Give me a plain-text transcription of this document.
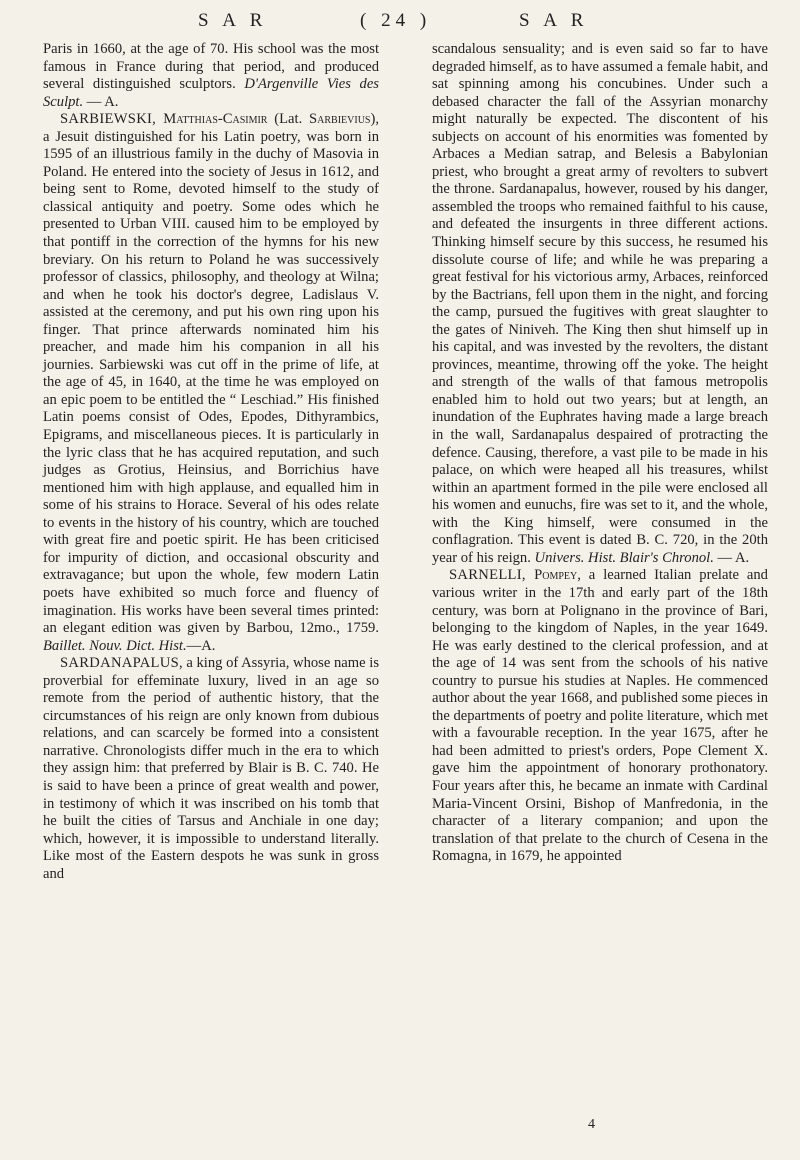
S A R	( 24 )	S A R

Paris in 1660, at the age of 70. His school was the most famous in France during that period, and produced several distinguished sculptors. D'Argenville Vies des Sculpt. — A.

SARBIEWSKI, Matthias-Casimir (Lat. Sarbievius), a Jesuit distinguished for his Latin poetry, was born in 1595 of an illustrious family in the duchy of Masovia in Poland. He entered into the society of Jesus in 1612, and being sent to Rome, devoted himself to the study of classical antiquity and poetry. Some odes which he presented to Urban VIII. caused him to be employed by that pontiff in the correction of the hymns for his new breviary. On his return to Poland he was successively professor of classics, philosophy, and theology at Wilna; and when he took his doctor's degree, Ladislaus V. assisted at the ceremony, and put his own ring upon his finger. That prince afterwards nominated him his preacher, and made him his companion in all his journies. Sarbiewski was cut off in the prime of life, at the age of 45, in 1640, at the time he was employed on an epic poem to be entitled the “ Leschiad.” His finished Latin poems consist of Odes, Epodes, Dithyrambics, Epigrams, and miscellaneous pieces. It is particularly in the lyric class that he has acquired reputation, and such judges as Grotius, Heinsius, and Borrichius have mentioned him with high applause, and equalled him in some of his strains to Horace. Several of his odes relate to events in the history of his country, which are touched with great fire and poetic spirit. He has been criticised for impurity of diction, and occasional obscurity and extravagance; but upon the whole, few modern Latin poets have exhibited so much force and fluency of imagination. His works have been several times printed: an elegant edition was given by Barbou, 12mo., 1759. Baillet. Nouv. Dict. Hist.—A.

SARDANAPALUS, a king of Assyria, whose name is proverbial for effeminate luxury, lived in an age so remote from the period of authentic history, that the circumstances of his reign are only known from dubious relations, and can scarcely be formed into a consistent narrative. Chronologists differ much in the era to which they assign him: that preferred by Blair is B. C. 740. He is said to have been a prince of great wealth and power, in testimony of which it was inscribed on his tomb that he built the cities of Tarsus and Anchiale in one day; which, however, it is impossible to understand literally. Like most of the Eastern despots he was sunk in gross and

scandalous sensuality; and is even said so far to have degraded himself, as to have assumed a female habit, and sat spinning among his concubines. Under such a debased character the fall of the Assyrian monarchy might naturally be expected. The discontent of his subjects on account of his enormities was fomented by Arbaces a Median satrap, and Belesis a Babylonian priest, who brought a great army of revolters to subvert the throne. Sardanapalus, however, roused by his danger, assembled the troops who remained faithful to his cause, and defeated the insurgents in three different actions. Thinking himself secure by this success, he resumed his dissolute course of life; and while he was preparing a great festival for his victorious army, Arbaces, reinforced by the Bactrians, fell upon them in the night, and forcing the camp, pursued the fugitives with great slaughter to the gates of Niniveh. The King then shut himself up in his capital, and was invested by the revolters, the distant provinces, meantime, throwing off the yoke. The height and strength of the walls of that famous metropolis enabled him to hold out two years; but at length, an inundation of the Euphrates having made a large breach in the wall, Sardanapalus despaired of protracting the defence. Causing, therefore, a vast pile to be made in his palace, on which were heaped all his treasures, whilst within an apartment formed in the pile were enclosed all his women and eunuchs, fire was set to it, and the whole, with the King himself, were consumed in the conflagration. This event is dated B. C. 720, in the 20th year of his reign. Univers. Hist. Blair's Chronol. — A.

SARNELLI, Pompey, a learned Italian prelate and various writer in the 17th and early part of the 18th century, was born at Polignano in the province of Bari, belonging to the kingdom of Naples, in the year 1649. He was early destined to the clerical profession, and at the age of 14 was sent from the schools of his native country to pursue his studies at Naples. He commenced author about the year 1668, and published some pieces in the departments of poetry and polite literature, which met with a favourable reception. In the year 1675, after he had been admitted to priest's orders, Pope Clement X. gave him the appointment of honorary prothonatory. Four years after this, he became an inmate with Cardinal Maria-Vincent Orsini, Bishop of Manfredonia, in the character of a literary companion; and upon the translation of that prelate to the church of Cesena in the Romagna, in 1679, he appointed

4
